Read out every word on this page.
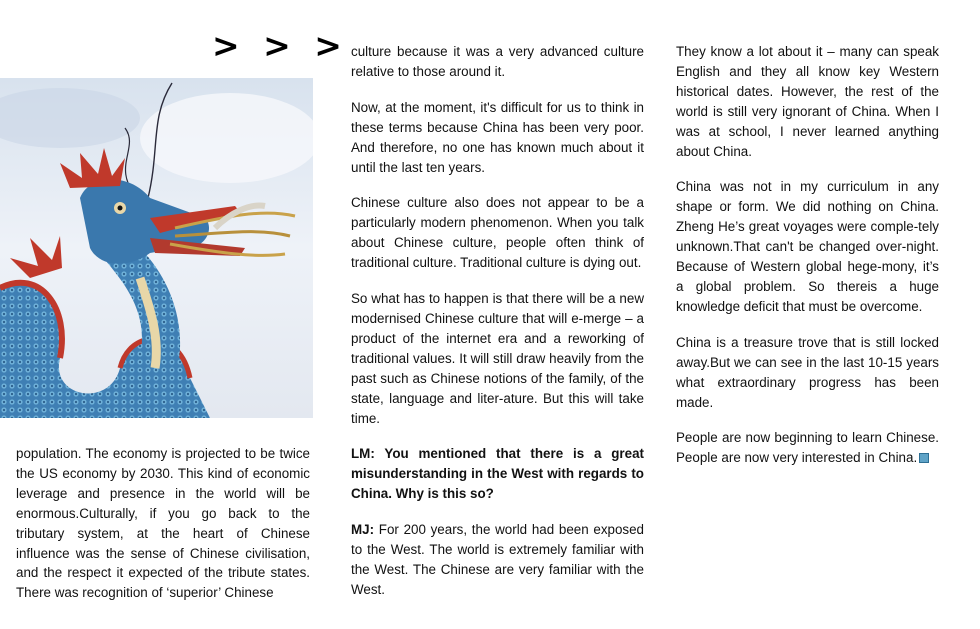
> > >

population. The economy is projected to be twice the US economy by 2030. This kind of economic leverage and presence in the world will be enormous.Culturally, if you go back to the tributary system, at the heart of Chinese influence was the sense of Chinese civilisation, and the respect it expected of the tribute states. There was recognition of ‘superior’ Chinese

culture because it was a very advanced culture relative to those around it.

Now, at the moment, it's difficult for us to think in these terms because China has been very poor. And therefore, no one has known much about it until the last ten years.

Chinese culture also does not appear to be a particularly modern phenomenon. When you talk about Chinese culture, people often think of traditional culture. Traditional culture is dying out.

So what has to happen is that there will be a new modernised Chinese culture that will e-merge – a product of the internet era and a reworking of traditional values. It will still draw heavily from the past such as Chinese notions of the family, of the state, language and liter-ature. But this will take time.

LM: You mentioned that there is a great misunderstanding in the West with regards to China. Why is this so?

MJ: For 200 years, the world had been exposed to the West. The world is extremely familiar with the West. The Chinese are very familiar with the West.

They know a lot about it – many can speak English and they all know key Western historical dates. However, the rest of the world is still very ignorant of China. When I was at school, I never learned anything about China.

China was not in my curriculum in any shape or form. We did nothing on China. Zheng He’s great voyages were comple-tely unknown.That can't be changed over-night. Because of Western global hege-mony, it’s a global problem. So thereis a huge knowledge deficit that must be overcome.

China is a treasure trove that is still locked away.But we can see in the last 10-15 years what extraordinary progress has been made.

People are now beginning to learn Chinese. People are now very interested in China.
